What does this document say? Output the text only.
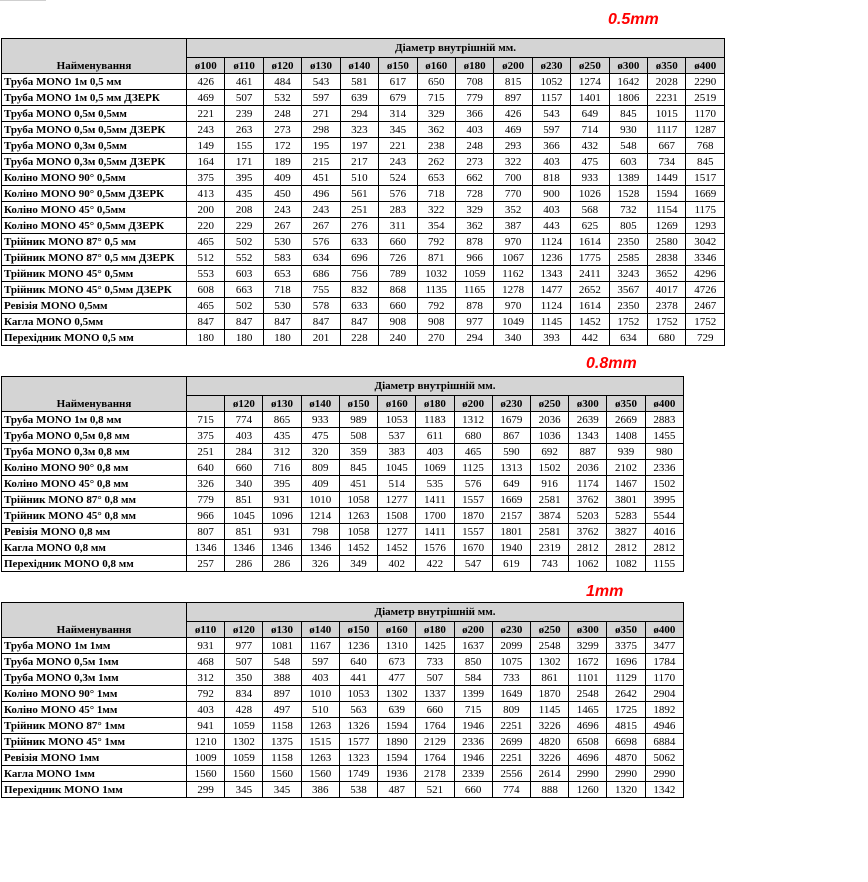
0.5mm
0.8mm
1mm
Найменування	Діаметр внутрішній мм.													
	ø100	ø110	ø120	ø130	ø140	ø150	ø160	ø180	ø200	ø230	ø250	ø300	ø350	ø400
Труба MONO 1м 0,5 мм	426	461	484	543	581	617	650	708	815	1052	1274	1642	2028	2290
Труба MONO 1м 0,5 мм ДЗЕРК	469	507	532	597	639	679	715	779	897	1157	1401	1806	2231	2519
Труба MONO 0,5м 0,5мм	221	239	248	271	294	314	329	366	426	543	649	845	1015	1170
Труба MONO 0,5м 0,5мм ДЗЕРК	243	263	273	298	323	345	362	403	469	597	714	930	1117	1287
Труба MONO 0,3м 0,5мм	149	155	172	195	197	221	238	248	293	366	432	548	667	768
Труба MONO 0,3м 0,5мм ДЗЕРК	164	171	189	215	217	243	262	273	322	403	475	603	734	845
Коліно MONO 90° 0,5мм	375	395	409	451	510	524	653	662	700	818	933	1389	1449	1517
Коліно MONO 90° 0,5мм ДЗЕРК	413	435	450	496	561	576	718	728	770	900	1026	1528	1594	1669
Коліно MONO 45° 0,5мм	200	208	243	243	251	283	322	329	352	403	568	732	1154	1175
Коліно MONO 45° 0,5мм ДЗЕРК	220	229	267	267	276	311	354	362	387	443	625	805	1269	1293
Трійник MONO 87° 0,5 мм	465	502	530	576	633	660	792	878	970	1124	1614	2350	2580	3042
Трійник MONO 87° 0,5 мм ДЗЕРК	512	552	583	634	696	726	871	966	1067	1236	1775	2585	2838	3346
Трійник MONO 45° 0,5мм	553	603	653	686	756	789	1032	1059	1162	1343	2411	3243	3652	4296
Трійник MONO 45° 0,5мм ДЗЕРК	608	663	718	755	832	868	1135	1165	1278	1477	2652	3567	4017	4726
Ревізія MONO 0,5мм	465	502	530	578	633	660	792	878	970	1124	1614	2350	2378	2467
Кагла MONO 0,5мм	847	847	847	847	847	908	908	977	1049	1145	1452	1752	1752	1752
Перехідник MONO 0,5 мм	180	180	180	201	228	240	270	294	340	393	442	634	680	729
Найменування	Діаметр внутрішній мм.												
		ø120	ø130	ø140	ø150	ø160	ø180	ø200	ø230	ø250	ø300	ø350	ø400
Труба MONO 1м 0,8 мм	715	774	865	933	989	1053	1183	1312	1679	2036	2639	2669	2883
Труба MONO 0,5м 0,8 мм	375	403	435	475	508	537	611	680	867	1036	1343	1408	1455
Труба MONO 0,3м 0,8 мм	251	284	312	320	359	383	403	465	590	692	887	939	980
Коліно MONO 90° 0,8 мм	640	660	716	809	845	1045	1069	1125	1313	1502	2036	2102	2336
Коліно MONO 45° 0,8 мм	326	340	395	409	451	514	535	576	649	916	1174	1467	1502
Трійник MONO 87° 0,8 мм	779	851	931	1010	1058	1277	1411	1557	1669	2581	3762	3801	3995
Трійник MONO 45° 0,8 мм	966	1045	1096	1214	1263	1508	1700	1870	2157	3874	5203	5283	5544
Ревізія MONO 0,8 мм	807	851	931	798	1058	1277	1411	1557	1801	2581	3762	3827	4016
Кагла MONO 0,8 мм	1346	1346	1346	1346	1452	1452	1576	1670	1940	2319	2812	2812	2812
Перехідник MONO 0,8 мм	257	286	286	326	349	402	422	547	619	743	1062	1082	1155
Найменування	Діаметр внутрішній мм.												
	ø110	ø120	ø130	ø140	ø150	ø160	ø180	ø200	ø230	ø250	ø300	ø350	ø400
Труба MONO 1м 1мм	931	977	1081	1167	1236	1310	1425	1637	2099	2548	3299	3375	3477
Труба MONO 0,5м 1мм	468	507	548	597	640	673	733	850	1075	1302	1672	1696	1784
Труба MONO 0,3м 1мм	312	350	388	403	441	477	507	584	733	861	1101	1129	1170
Коліно MONO 90° 1мм	792	834	897	1010	1053	1302	1337	1399	1649	1870	2548	2642	2904
Коліно MONO 45° 1мм	403	428	497	510	563	639	660	715	809	1145	1465	1725	1892
Трійник MONO 87° 1мм	941	1059	1158	1263	1326	1594	1764	1946	2251	3226	4696	4815	4946
Трійник MONO 45° 1мм	1210	1302	1375	1515	1577	1890	2129	2336	2699	4820	6508	6698	6884
Ревізія MONO 1мм	1009	1059	1158	1263	1323	1594	1764	1946	2251	3226	4696	4870	5062
Кагла MONO 1мм	1560	1560	1560	1560	1749	1936	2178	2339	2556	2614	2990	2990	2990
Перехідник MONO 1мм	299	345	345	386	538	487	521	660	774	888	1260	1320	1342
